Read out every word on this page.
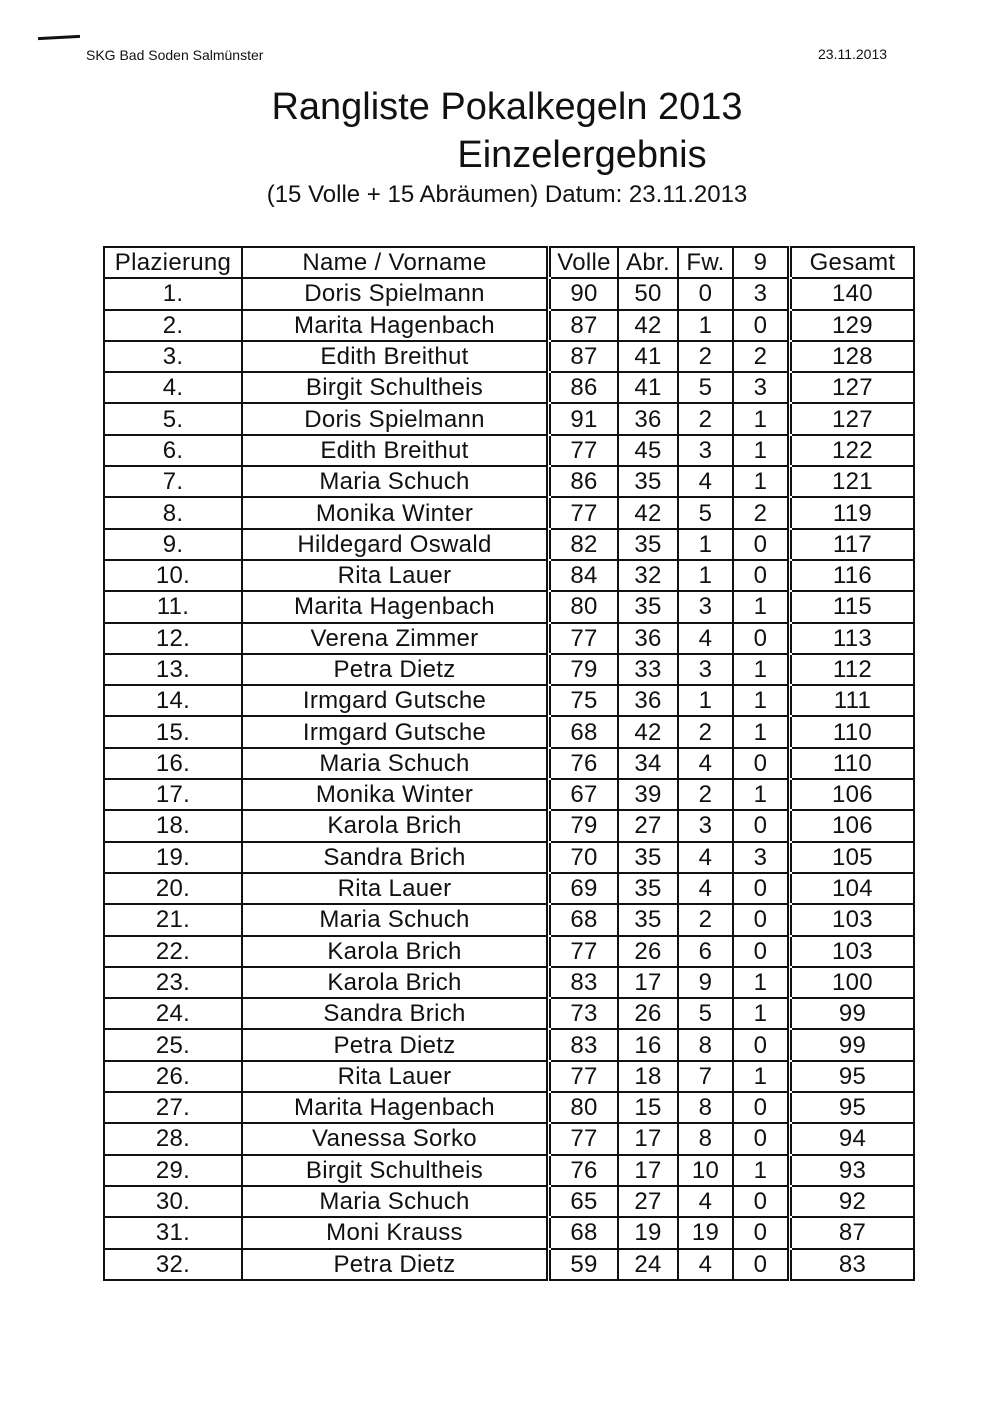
SKG Bad Soden Salmünster	23.11.2013
Rangliste Pokalkegeln 2013
Einzelergebnis
(15 Volle + 15 Abräumen) Datum: 23.11.2013
Plazierung	Name / Vorname		Volle	Abr.	Fw.	9		Gesamt
1.	Doris Spielmann		90	50	0	3		140
2.	Marita Hagenbach		87	42	1	0		129
3.	Edith Breithut		87	41	2	2		128
4.	Birgit Schultheis		86	41	5	3		127
5.	Doris Spielmann		91	36	2	1		127
6.	Edith Breithut		77	45	3	1		122
7.	Maria Schuch		86	35	4	1		121
8.	Monika Winter		77	42	5	2		119
9.	Hildegard Oswald		82	35	1	0		117
10.	Rita Lauer		84	32	1	0		116
11.	Marita Hagenbach		80	35	3	1		115
12.	Verena Zimmer		77	36	4	0		113
13.	Petra Dietz		79	33	3	1		112
14.	Irmgard Gutsche		75	36	1	1		111
15.	Irmgard Gutsche		68	42	2	1		110
16.	Maria Schuch		76	34	4	0		110
17.	Monika Winter		67	39	2	1		106
18.	Karola Brich		79	27	3	0		106
19.	Sandra Brich		70	35	4	3		105
20.	Rita Lauer		69	35	4	0		104
21.	Maria Schuch		68	35	2	0		103
22.	Karola Brich		77	26	6	0		103
23.	Karola Brich		83	17	9	1		100
24.	Sandra Brich		73	26	5	1		99
25.	Petra Dietz		83	16	8	0		99
26.	Rita Lauer		77	18	7	1		95
27.	Marita Hagenbach		80	15	8	0		95
28.	Vanessa Sorko		77	17	8	0		94
29.	Birgit Schultheis		76	17	10	1		93
30.	Maria Schuch		65	27	4	0		92
31.	Moni Krauss		68	19	19	0		87
32.	Petra Dietz		59	24	4	0		83
